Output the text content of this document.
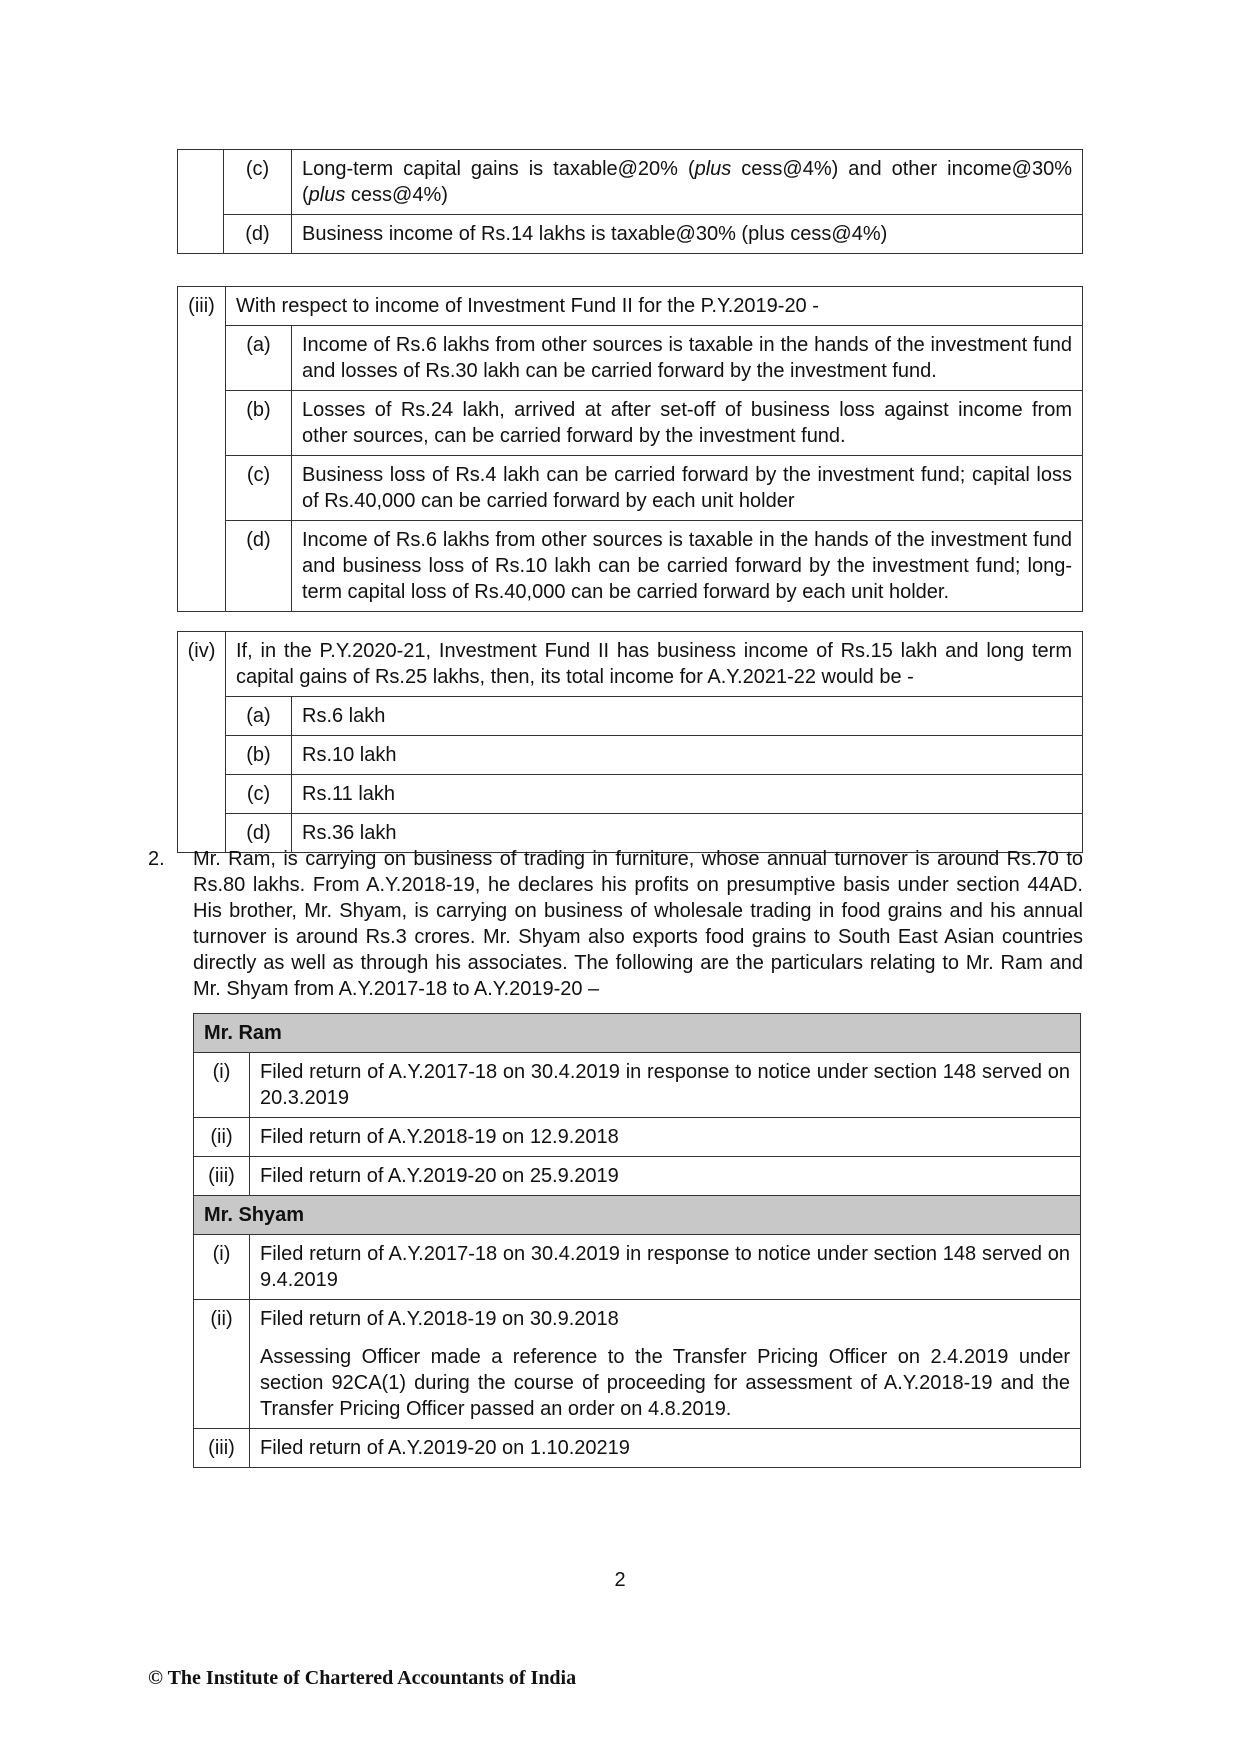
	(c)	Long-term capital gains is taxable@20% (plus cess@4%) and other income@30% (plus cess@4%)
	(d)	Business income of Rs.14 lakhs is taxable@30% (plus cess@4%)
(iii)	With respect to income of Investment Fund II for the P.Y.2019-20 -	
	(a)	Income of Rs.6 lakhs from other sources is taxable in the hands of the investment fund and losses of Rs.30 lakh can be carried forward by the investment fund.
	(b)	Losses of Rs.24 lakh, arrived at after set-off of business loss against income from other sources, can be carried forward by the investment fund.
	(c)	Business loss of Rs.4 lakh can be carried forward by the investment fund; capital loss of Rs.40,000 can be carried forward by each unit holder
	(d)	Income of Rs.6 lakhs from other sources is taxable in the hands of the investment fund and business loss of Rs.10 lakh can be carried forward by the investment fund; long-term capital loss of Rs.40,000 can be carried forward by each unit holder.
(iv)	If, in the P.Y.2020-21, Investment Fund II has business income of Rs.15 lakh and long term capital gains of Rs.25 lakhs, then, its total income for A.Y.2021-22 would be -	
	(a)	Rs.6 lakh
	(b)	Rs.10 lakh
	(c)	Rs.11 lakh
	(d)	Rs.36 lakh
2. Mr. Ram, is carrying on business of trading in furniture, whose annual turnover is around Rs.70 to Rs.80 lakhs. From A.Y.2018-19, he declares his profits on presumptive basis under section 44AD. His brother, Mr. Shyam, is carrying on business of wholesale trading in food grains and his annual turnover is around Rs.3 crores. Mr. Shyam also exports food grains to South East Asian countries directly as well as through his associates. The following are the particulars relating to Mr. Ram and Mr. Shyam from A.Y.2017-18 to A.Y.2019-20 –
Mr. Ram	
(i)	Filed return of A.Y.2017-18 on 30.4.2019 in response to notice under section 148 served on 20.3.2019
(ii)	Filed return of A.Y.2018-19 on 12.9.2018
(iii)	Filed return of A.Y.2019-20 on 25.9.2019
Mr. Shyam	
(i)	Filed return of A.Y.2017-18 on 30.4.2019 in response to notice under section 148 served on 9.4.2019
(ii)	Filed return of A.Y.2018-19 on 30.9.2018

Assessing Officer made a reference to the Transfer Pricing Officer on 2.4.2019 under section 92CA(1) during the course of proceeding for assessment of A.Y.2018-19 and the Transfer Pricing Officer passed an order on 4.8.2019.

(iii)	Filed return of A.Y.2019-20 on 1.10.20219
2
© The Institute of Chartered Accountants of India
